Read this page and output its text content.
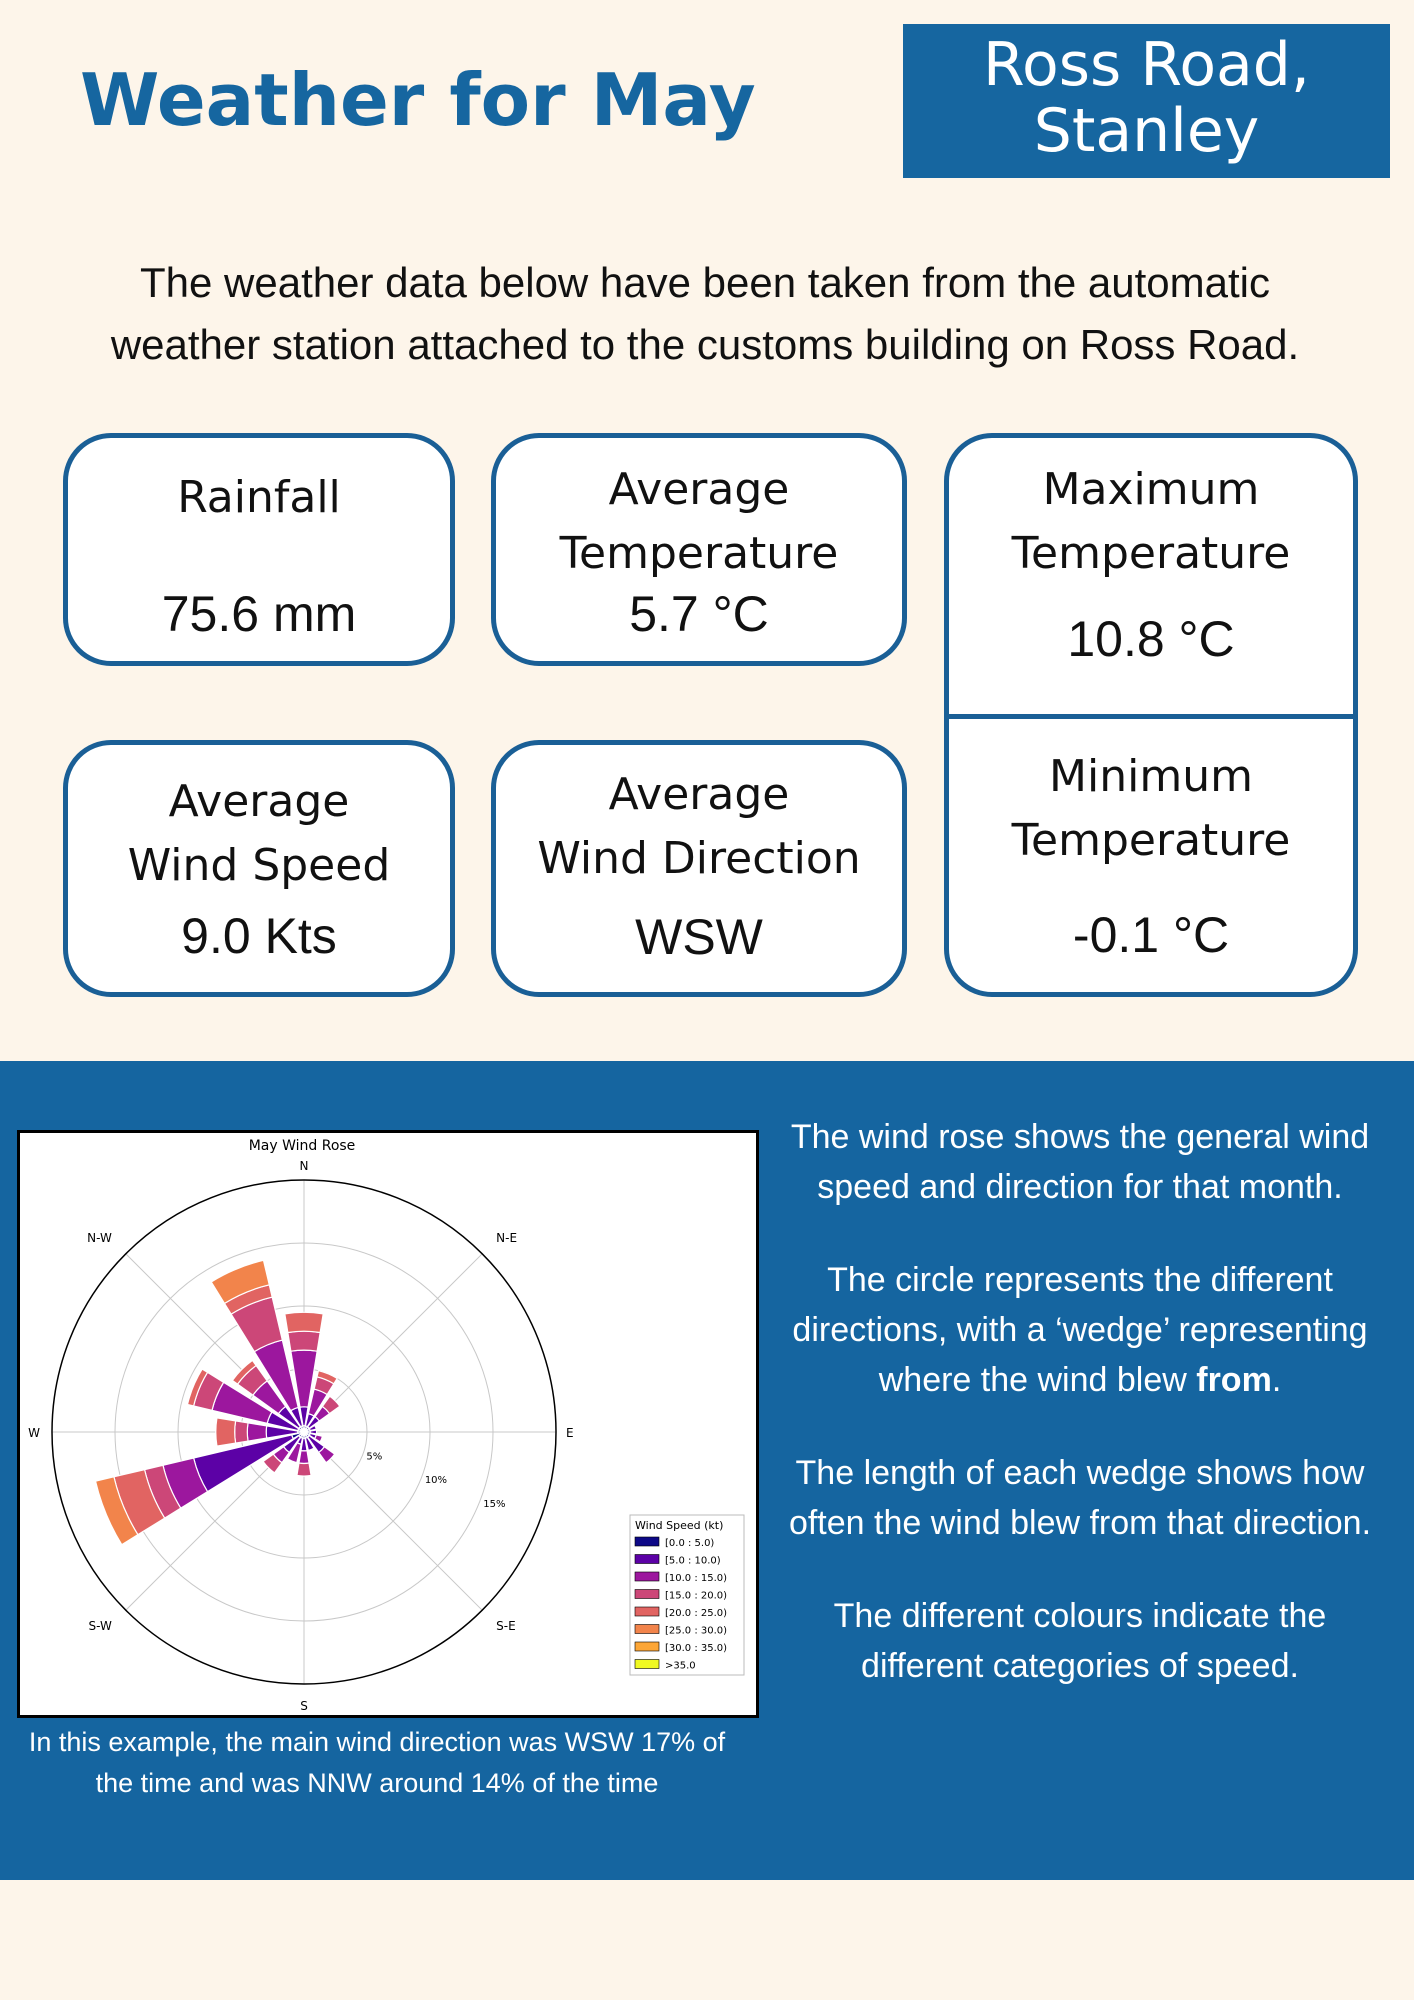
Weather for May	Ross Road,
Stanley
The weather data below have been taken from the automatic weather station attached to the customs building on Ross Road.
Rainfall
75.6 mm
Average
Temperature
5.7 °C
Maximum
Temperature
10.8 °C
Minimum
Temperature
-0.1 °C
Average
Wind Speed
9.0 Kts
Average
Wind Direction
WSW
May Wind Rose
N
N-E
E
S-E
S
S-W
W
N-W
5%
10%
15%
Wind Speed (kt)
[0.0 : 5.0)
[5.0 : 10.0)
[10.0 : 15.0)
[15.0 : 20.0)
[20.0 : 25.0)
[25.0 : 30.0)
[30.0 : 35.0)
>35.0
In this example, the main wind direction was WSW 17% of the time and was NNW around 14% of the time

The wind rose shows the general wind speed and direction for that month.

The circle represents the different directions, with a ‘wedge’ representing where the wind blew from.

The length of each wedge shows how often the wind blew from that direction.

The different colours indicate the different categories of speed.
